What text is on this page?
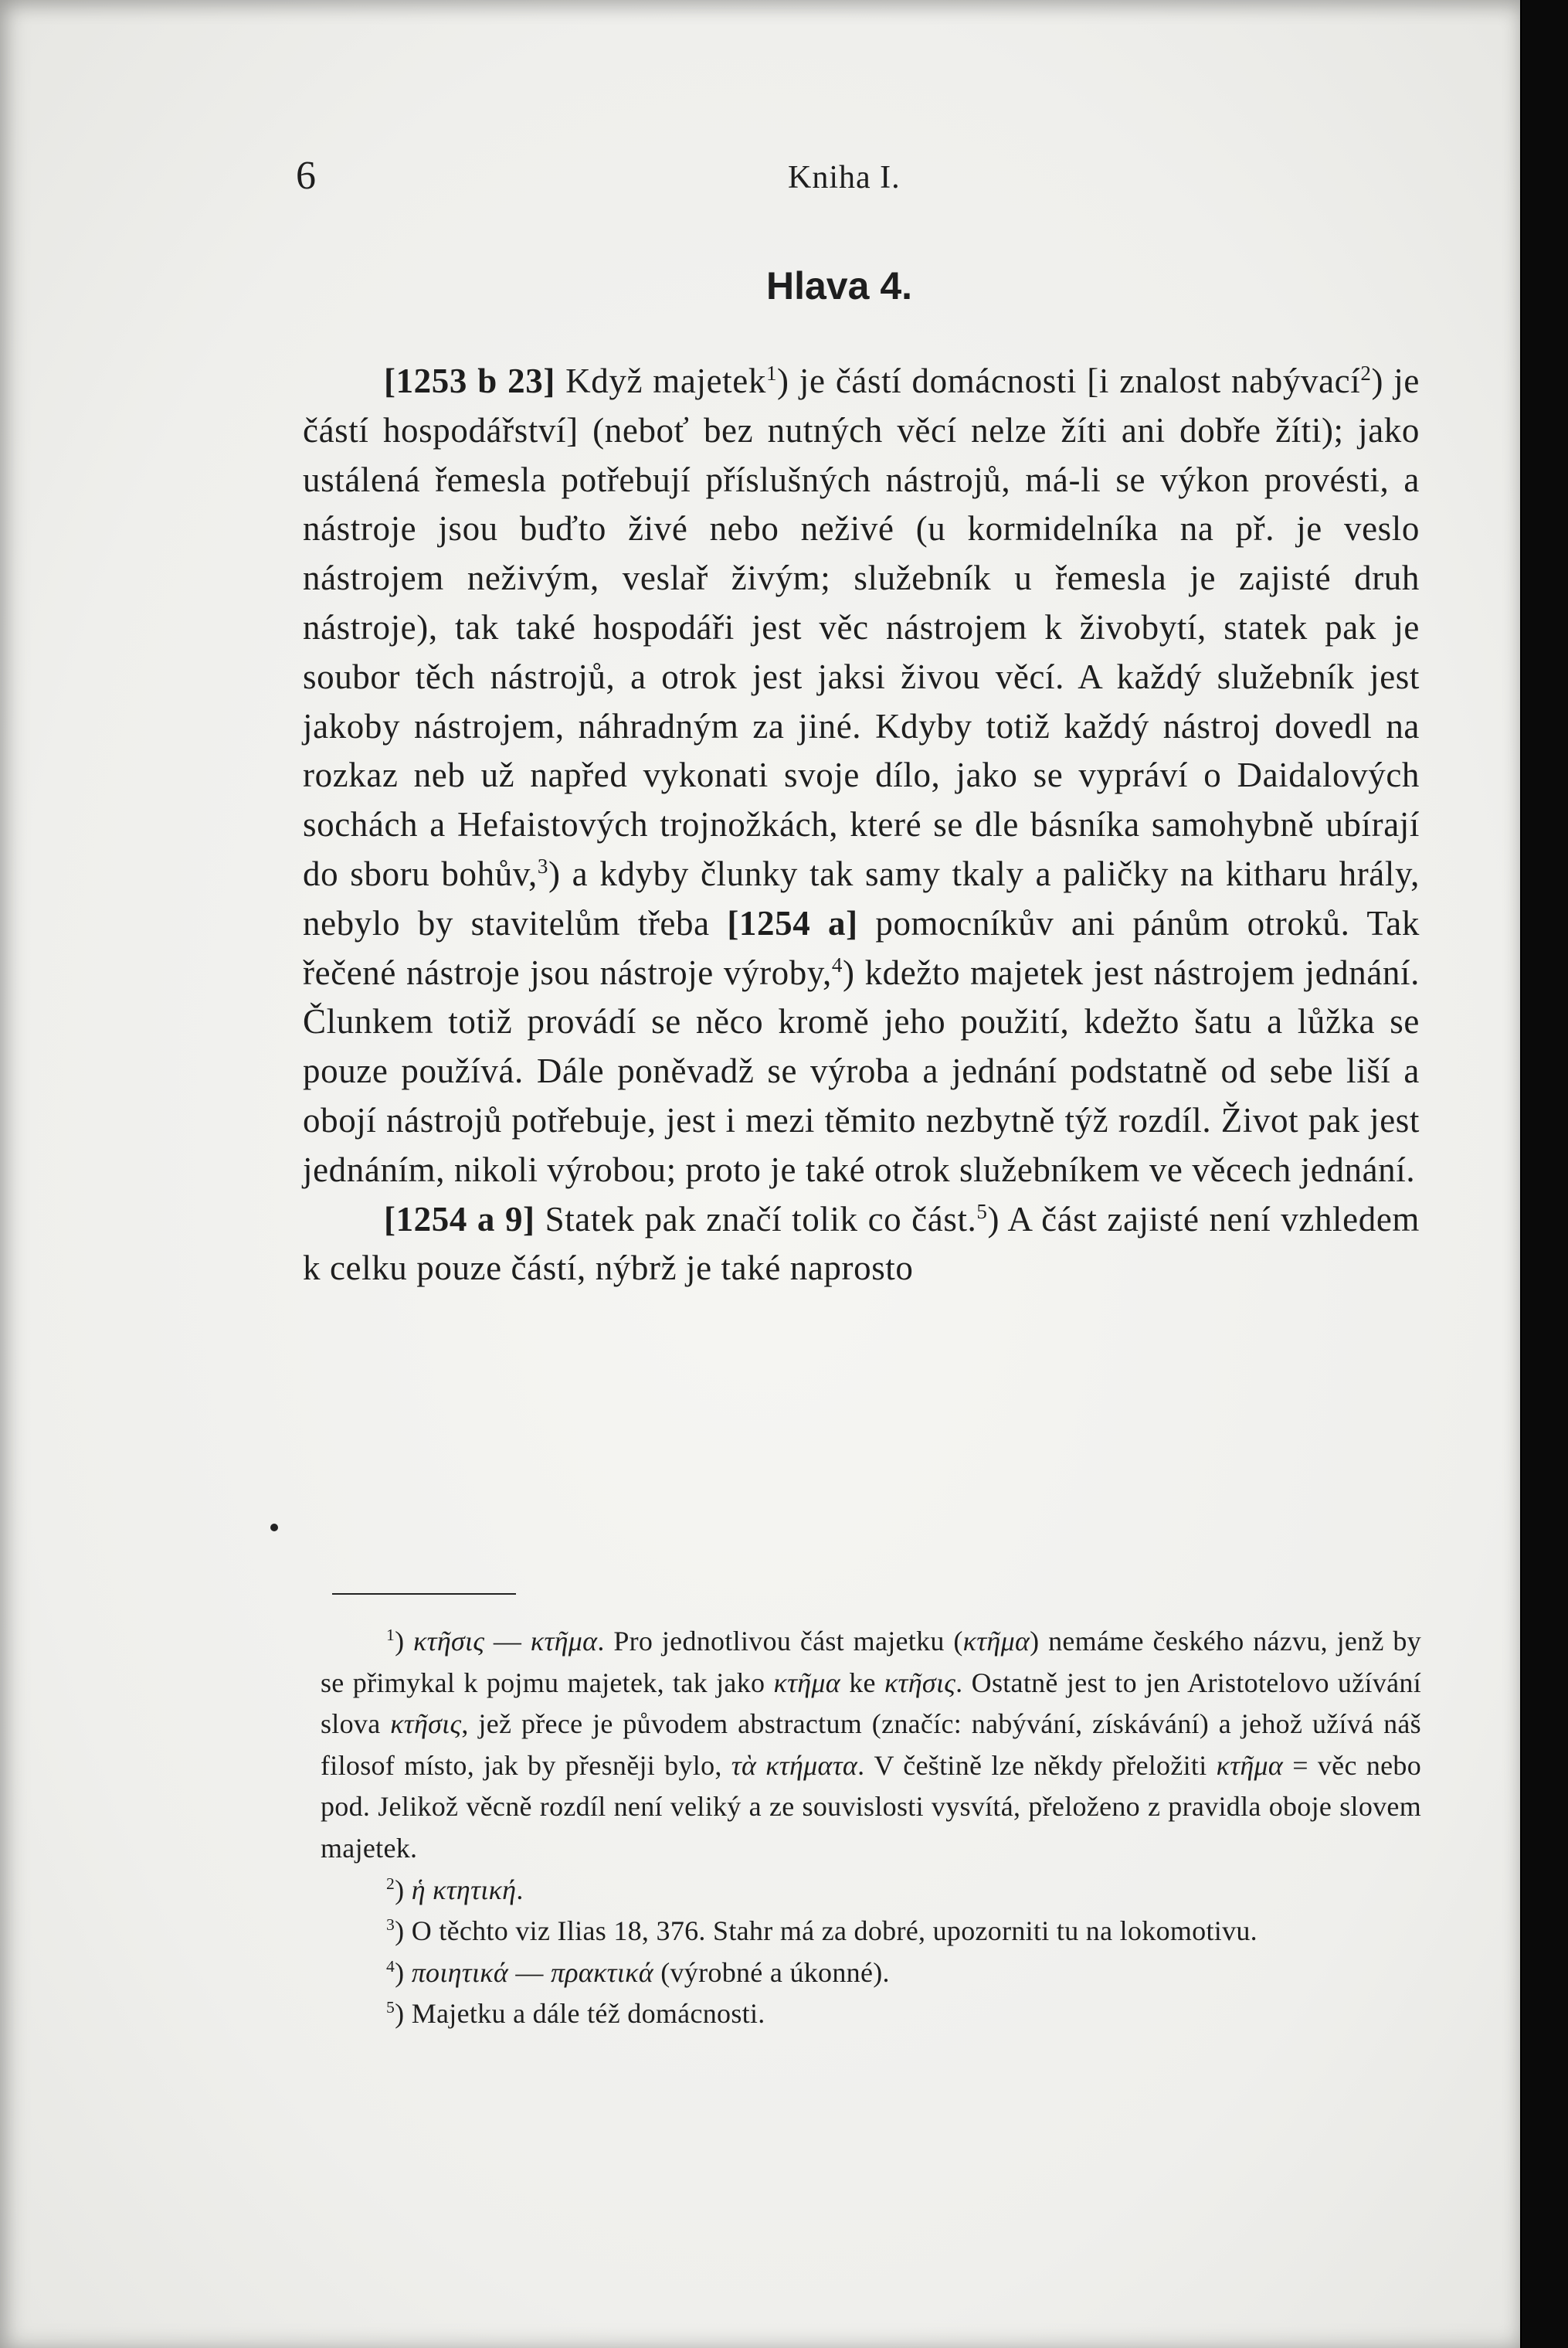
6	Kniha I.
Hlava 4.

[1253 b 23] Když majetek$^1$) je částí domácnosti [i znalost nabývací$^2$) je částí hospodářství] (neboť bez nutných věcí nelze žíti ani dobře žíti); jako ustálená řemesla potřebují příslušných nástrojů, má-li se výkon provésti, a nástroje jsou buďto živé nebo neživé (u kormidelníka na př. je veslo nástrojem neživým, veslař živým; služebník u řemesla je zajisté druh nástroje), tak také hospodáři jest věc nástrojem k živobytí, statek pak je soubor těch nástrojů, a otrok jest jaksi živou věcí. A každý služebník jest jakoby nástrojem, náhradným za jiné. Kdyby totiž každý nástroj dovedl na rozkaz neb už napřed vykonati svoje dílo, jako se vypráví o Daidalových sochách a Hefaistových trojnožkách, které se dle básníka samohybně ubírají do sboru bohův,$^3$) a kdyby člunky tak samy tkaly a paličky na kitharu hrály, nebylo by stavitelům třeba [1254 a] pomocníkův ani pánům otroků. Tak řečené nástroje jsou nástroje výroby,$^4$) kdežto majetek jest nástrojem jednání. Člunkem totiž provádí se něco kromě jeho použití, kdežto šatu a lůžka se pouze používá. Dále poněvadž se výroba a jednání podstatně od sebe liší a obojí nástrojů potřebuje, jest i mezi těmito nezbytně týž rozdíl. Život pak jest jednáním, nikoli výrobou; proto je také otrok služebníkem ve věcech jednání.

[1254 a 9] Statek pak značí tolik co část.$^5$) A část zajisté není vzhledem k celku pouze částí, nýbrž je také naprosto

$^1$) κτῆσις — κτῆμα. Pro jednotlivou část majetku (κτῆμα) nemáme českého názvu, jenž by se přimykal k pojmu majetek, tak jako κτῆμα ke κτῆσις. Ostatně jest to jen Aristotelovo užívání slova κτῆσις, jež přece je původem abstractum (značíc: nabývání, získávání) a jehož užívá náš filosof místo, jak by přesněji bylo, τὰ κτήματα. V češtině lze někdy přeložiti κτῆμα = věc nebo pod. Jelikož věcně rozdíl není veliký a ze souvislosti vysvítá, přeloženo z pravidla oboje slovem majetek.

$^2$) ἡ κτητική.

$^3$) O těchto viz Ilias 18, 376. Stahr má za dobré, upozorniti tu na lokomotivu.

$^4$) ποιητικά — πρακτικά (výrobné a úkonné).

$^5$) Majetku a dále též domácnosti.
